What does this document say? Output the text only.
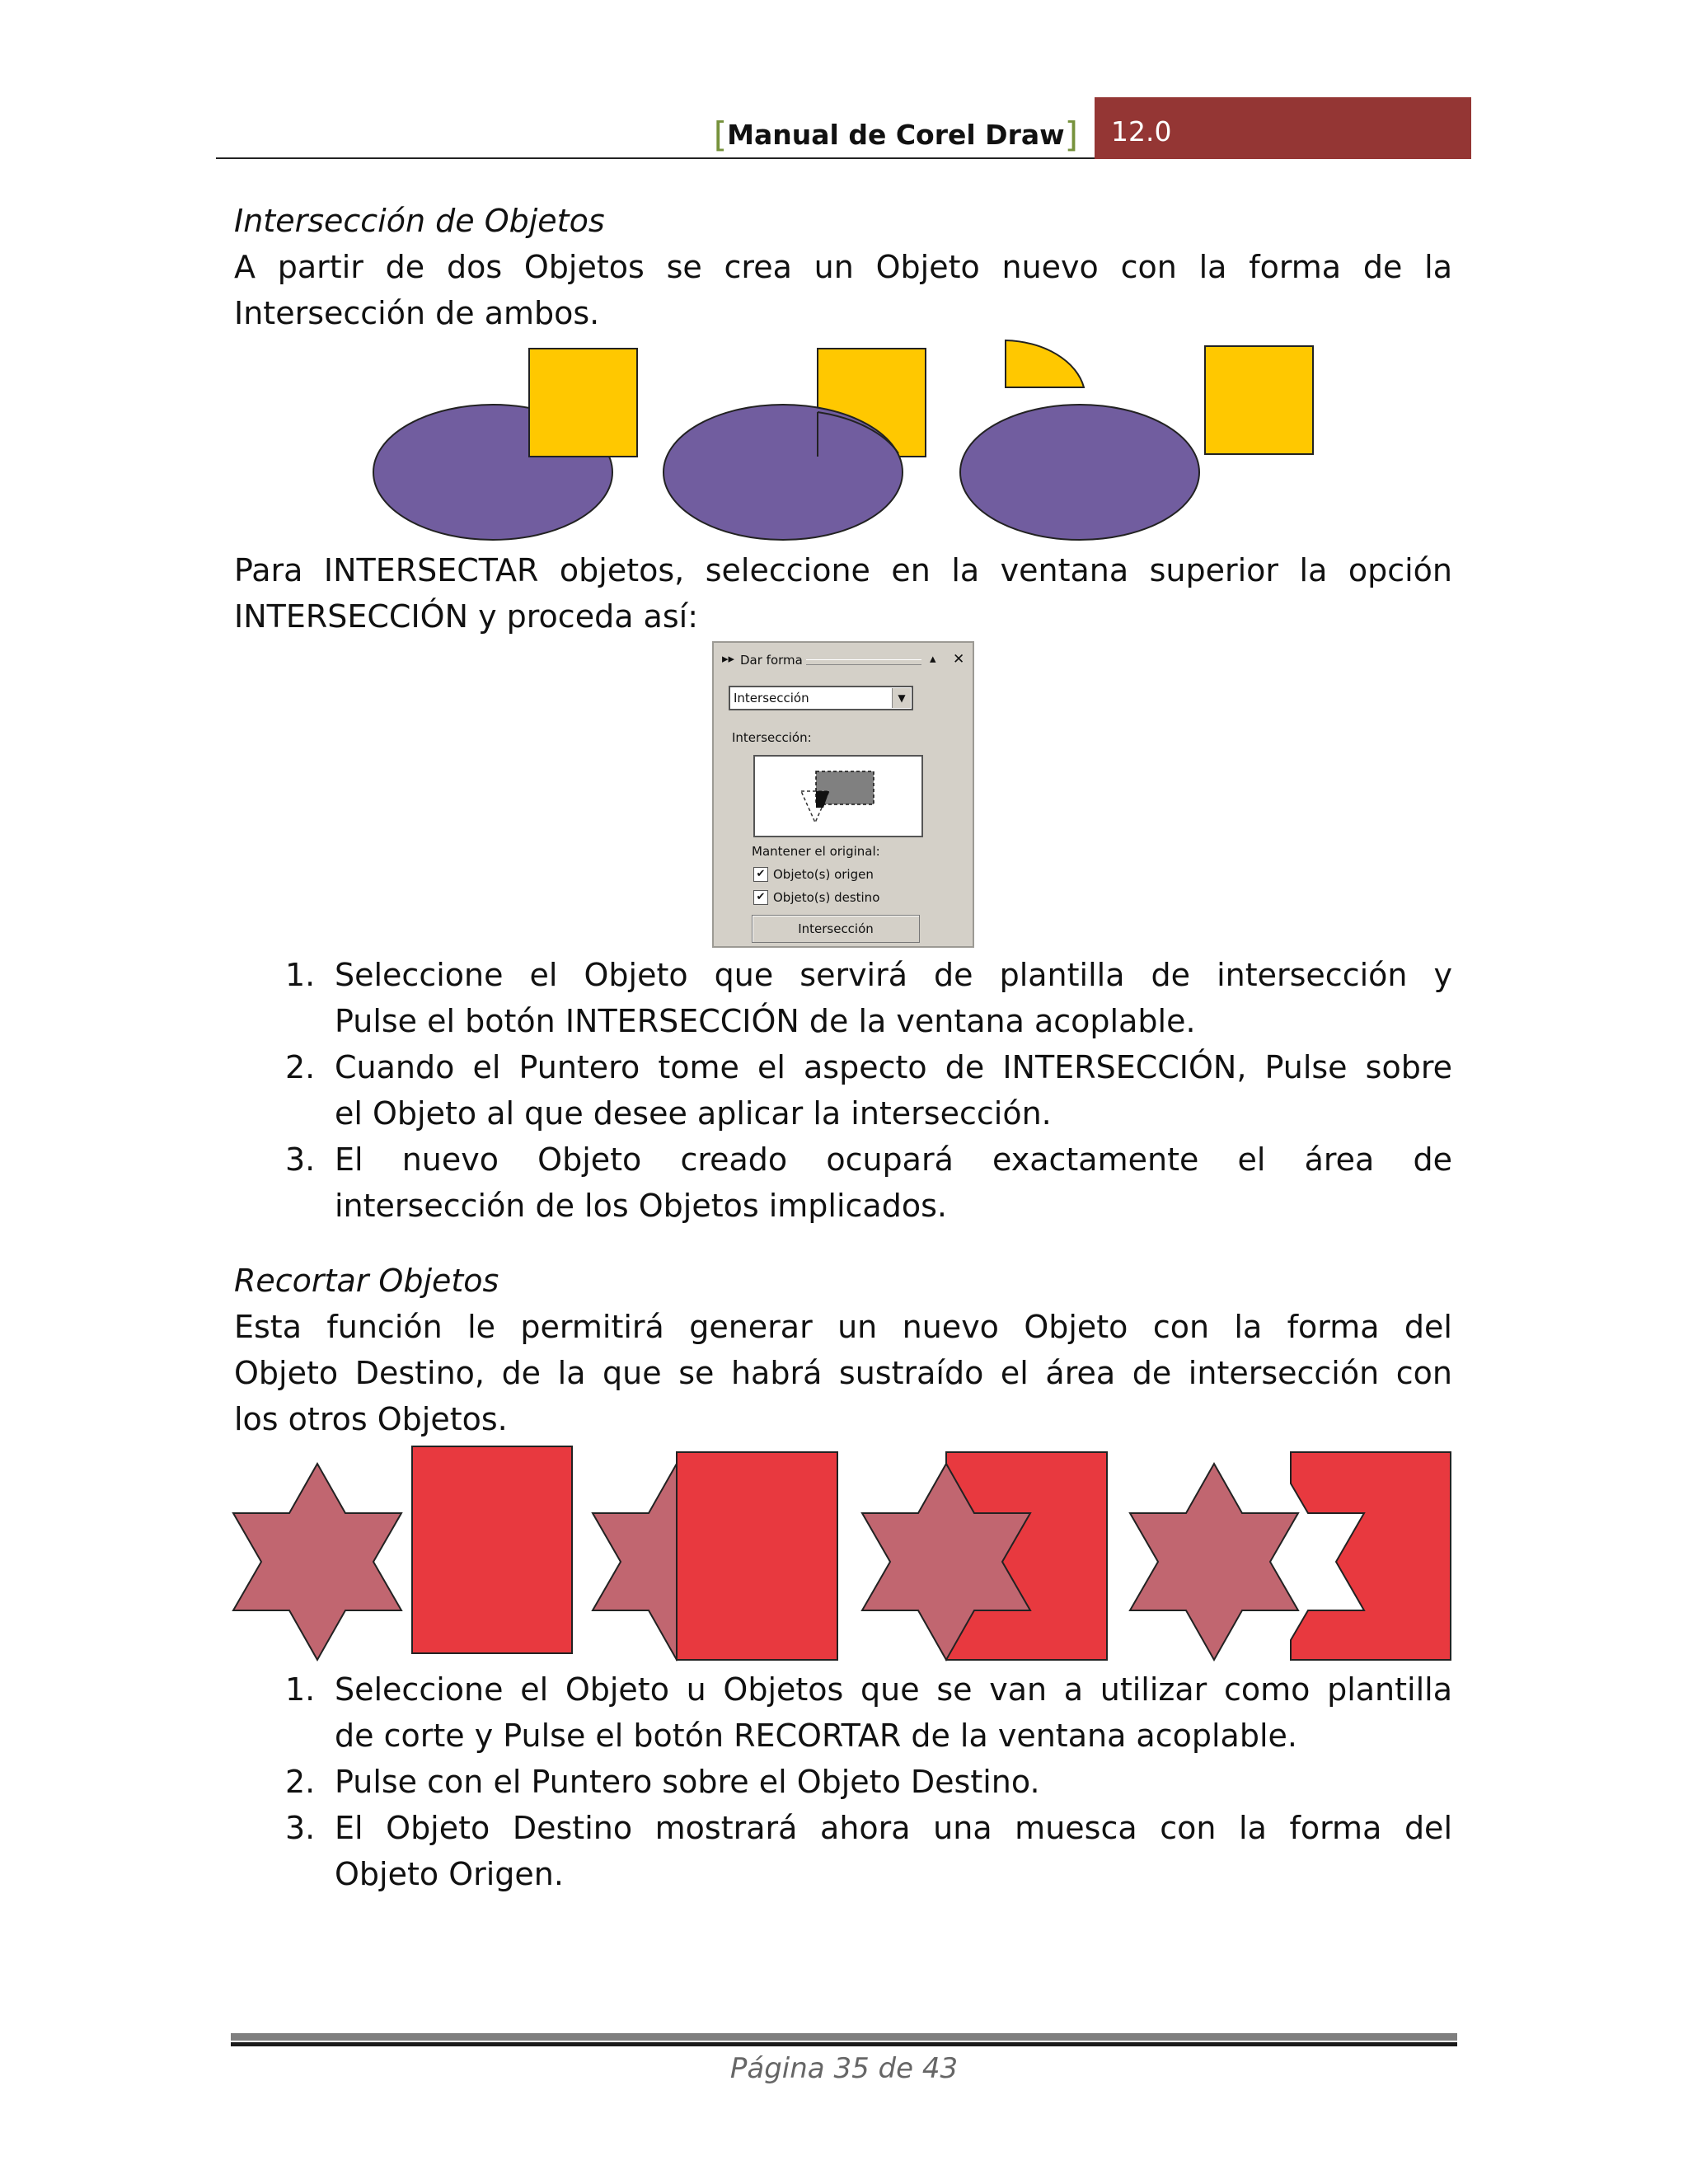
[Manual de Corel Draw] 12.0
Intersección de Objetos
A partir de dos Objetos se crea un Objeto nuevo con la forma de la
Intersección de ambos.
Para INTERSECTAR objetos, seleccione en la ventana superior la opción
INTERSECCIÓN y proceda así:
▸▸ Dar forma	▴ ✕
Intersección	▼
Intersección:
Mantener el original:
✔ Objeto(s) origen
✔ Objeto(s) destino
Intersección
1. Seleccione el Objeto que servirá de plantilla de intersección y
Pulse el botón INTERSECCIÓN de la ventana acoplable.
2. Cuando el Puntero tome el aspecto de INTERSECCIÓN, Pulse sobre
el Objeto al que desee aplicar la intersección.
3. El nuevo Objeto creado ocupará exactamente el área de
intersección de los Objetos implicados.
Recortar Objetos
Esta función le permitirá generar un nuevo Objeto con la forma del
Objeto Destino, de la que se habrá sustraído el área de intersección con
los otros Objetos.
1. Seleccione el Objeto u Objetos que se van a utilizar como plantilla
de corte y Pulse el botón RECORTAR de la ventana acoplable.
2. Pulse con el Puntero sobre el Objeto Destino.
3. El Objeto Destino mostrará ahora una muesca con la forma del
Objeto Origen.
Página 35 de 43
